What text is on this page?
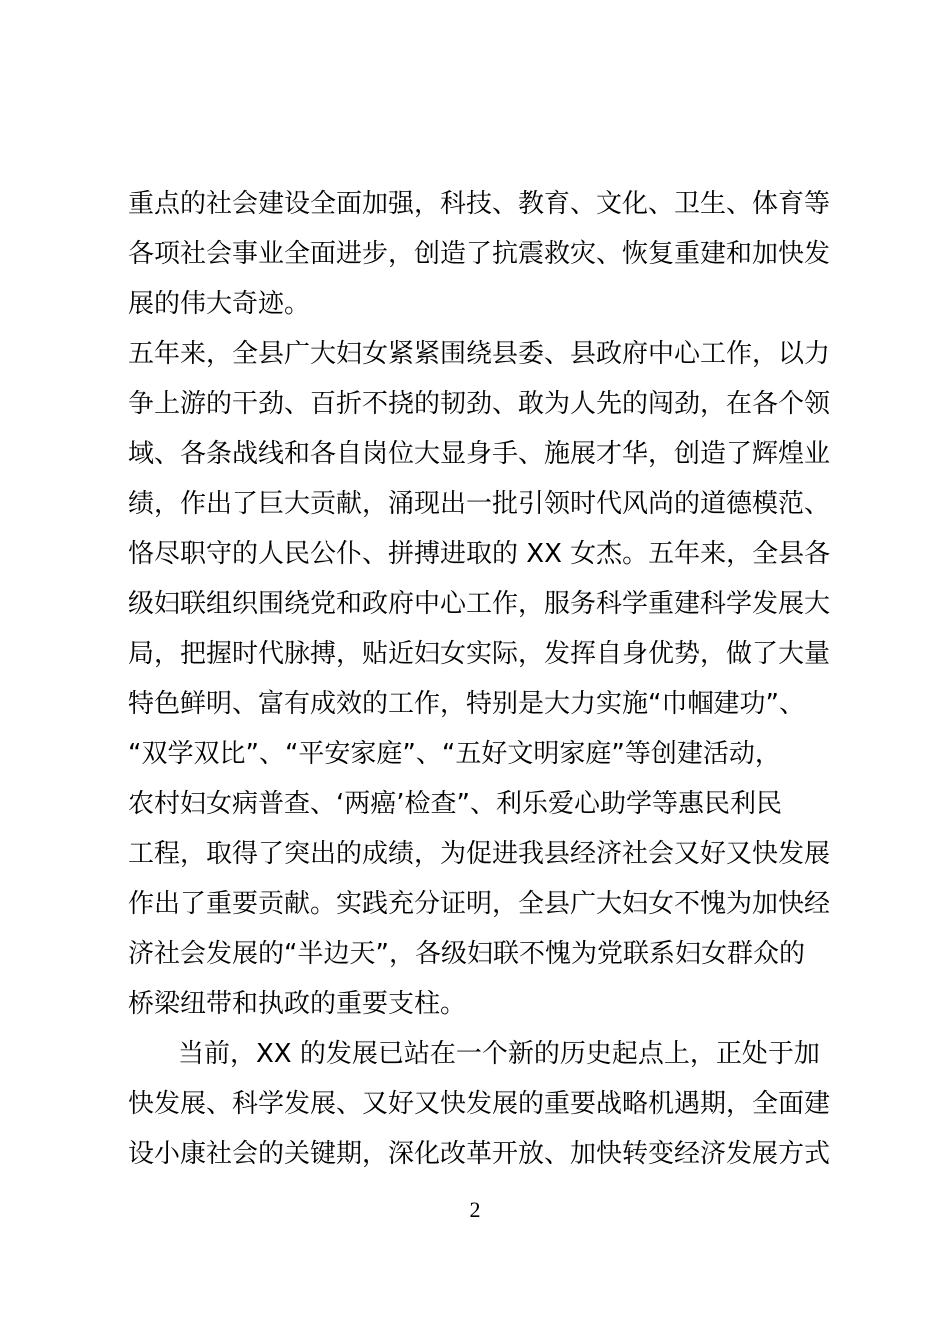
重点的社会建设全面加强，科技、教育、文化、卫生、体育等
各项社会事业全面进步，创造了抗震救灾、恢复重建和加快发
展的伟大奇迹。
五年来，全县广大妇女紧紧围绕县委、县政府中心工作，以力
争上游的干劲、百折不挠的韧劲、敢为人先的闯劲，在各个领
域、各条战线和各自岗位大显身手、施展才华，创造了辉煌业
绩，作出了巨大贡献，涌现出一批引领时代风尚的道德模范、
恪尽职守的人民公仆、拼搏进取的 XX 女杰。五年来，全县各
级妇联组织围绕党和政府中心工作，服务科学重建科学发展大
局，把握时代脉搏，贴近妇女实际，发挥自身优势，做了大量
特色鲜明、富有成效的工作，特别是大力实施“巾帼建功”、
“双学双比”、“平安家庭”、“五好文明家庭”等创建活动，
农村妇女病普查、‘两癌’检查”、利乐爱心助学等惠民利民
工程，取得了突出的成绩，为促进我县经济社会又好又快发展
作出了重要贡献。实践充分证明，全县广大妇女不愧为加快经
济社会发展的“半边天”，各级妇联不愧为党联系妇女群众的
桥梁纽带和执政的重要支柱。
当前，XX 的发展已站在一个新的历史起点上，正处于加
快发展、科学发展、又好又快发展的重要战略机遇期，全面建
设小康社会的关键期，深化改革开放、加快转变经济发展方式
2
